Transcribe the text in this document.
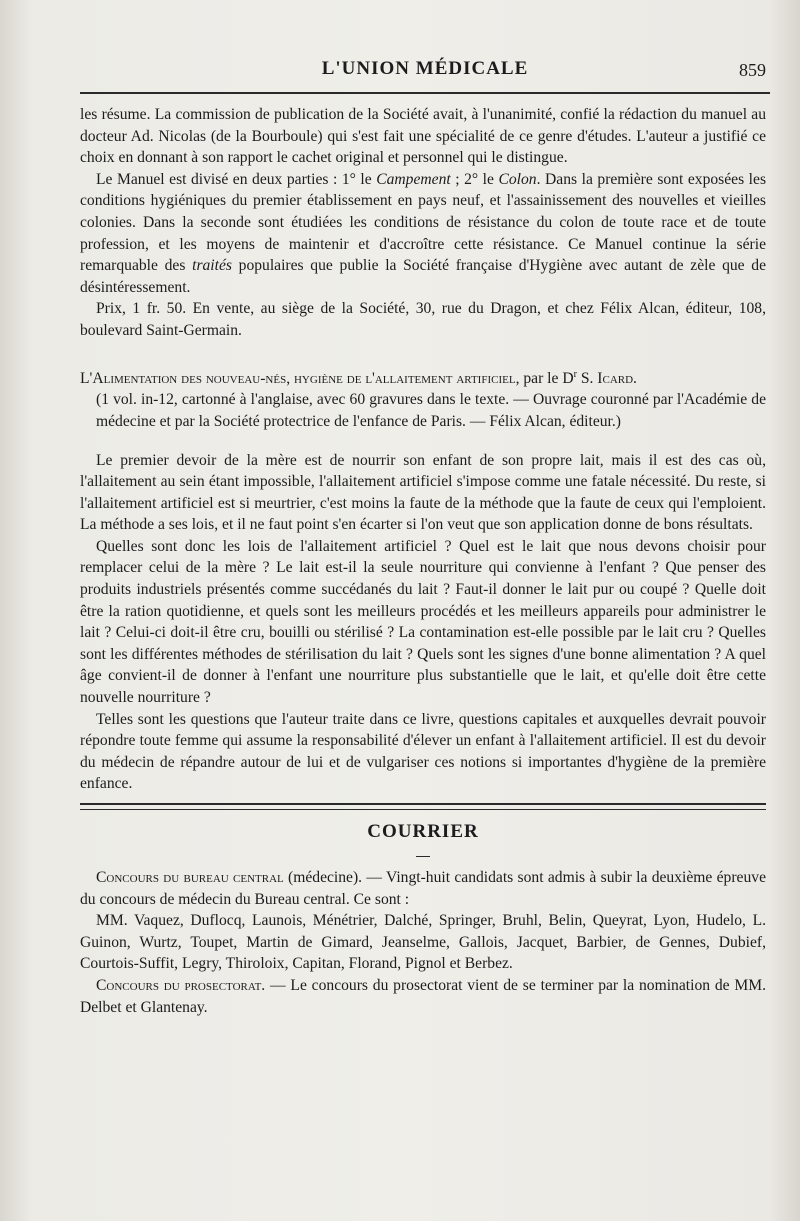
L'UNION MÉDICALE	859

les résume. La commission de publication de la Société avait, à l'unanimité, confié la rédaction du manuel au docteur Ad. Nicolas (de la Bourboule) qui s'est fait une spécialité de ce genre d'études. L'auteur a justifié ce choix en donnant à son rapport le cachet original et personnel qui le distingue.

Le Manuel est divisé en deux parties : 1° le Campement ; 2° le Colon. Dans la première sont exposées les conditions hygiéniques du premier établissement en pays neuf, et l'assainissement des nouvelles et vieilles colonies. Dans la seconde sont étudiées les conditions de résistance du colon de toute race et de toute profession, et les moyens de maintenir et d'accroître cette résistance. Ce Manuel continue la série remarquable des traités populaires que publie la Société française d'Hygiène avec autant de zèle que de désintéressement.

Prix, 1 fr. 50. En vente, au siège de la Société, 30, rue du Dragon, et chez Félix Alcan, éditeur, 108, boulevard Saint-Germain.

L'Alimentation des nouveau-nés, hygiène de l'allaitement artificiel, par le $D^r$ S. Icard.

(1 vol. in-12, cartonné à l'anglaise, avec 60 gravures dans le texte. — Ouvrage couronné par l'Académie de médecine et par la Société protectrice de l'enfance de Paris. — Félix Alcan, éditeur.)

Le premier devoir de la mère est de nourrir son enfant de son propre lait, mais il est des cas où, l'allaitement au sein étant impossible, l'allaitement artificiel s'impose comme une fatale nécessité. Du reste, si l'allaitement artificiel est si meurtrier, c'est moins la faute de la méthode que la faute de ceux qui l'emploient. La méthode a ses lois, et il ne faut point s'en écarter si l'on veut que son application donne de bons résultats.

Quelles sont donc les lois de l'allaitement artificiel ? Quel est le lait que nous devons choisir pour remplacer celui de la mère ? Le lait est-il la seule nourriture qui convienne à l'enfant ? Que penser des produits industriels présentés comme succédanés du lait ? Faut-il donner le lait pur ou coupé ? Quelle doit être la ration quotidienne, et quels sont les meilleurs procédés et les meilleurs appareils pour administrer le lait ? Celui-ci doit-il être cru, bouilli ou stérilisé ? La contamination est-elle possible par le lait cru ? Quelles sont les différentes méthodes de stérilisation du lait ? Quels sont les signes d'une bonne alimentation ? A quel âge convient-il de donner à l'enfant une nourriture plus substantielle que le lait, et qu'elle doit être cette nouvelle nourriture ?

Telles sont les questions que l'auteur traite dans ce livre, questions capitales et auxquelles devrait pouvoir répondre toute femme qui assume la responsabilité d'élever un enfant à l'allaitement artificiel. Il est du devoir du médecin de répandre autour de lui et de vulgariser ces notions si importantes d'hygiène de la première enfance.

COURRIER

Concours du bureau central (médecine). — Vingt-huit candidats sont admis à subir la deuxième épreuve du concours de médecin du Bureau central. Ce sont :

MM. Vaquez, Duflocq, Launois, Ménétrier, Dalché, Springer, Bruhl, Belin, Queyrat, Lyon, Hudelo, L. Guinon, Wurtz, Toupet, Martin de Gimard, Jeanselme, Gallois, Jacquet, Barbier, de Gennes, Dubief, Courtois-Suffit, Legry, Thiroloix, Capitan, Florand, Pignol et Berbez.

Concours du prosectorat. — Le concours du prosectorat vient de se terminer par la nomination de MM. Delbet et Glantenay.
